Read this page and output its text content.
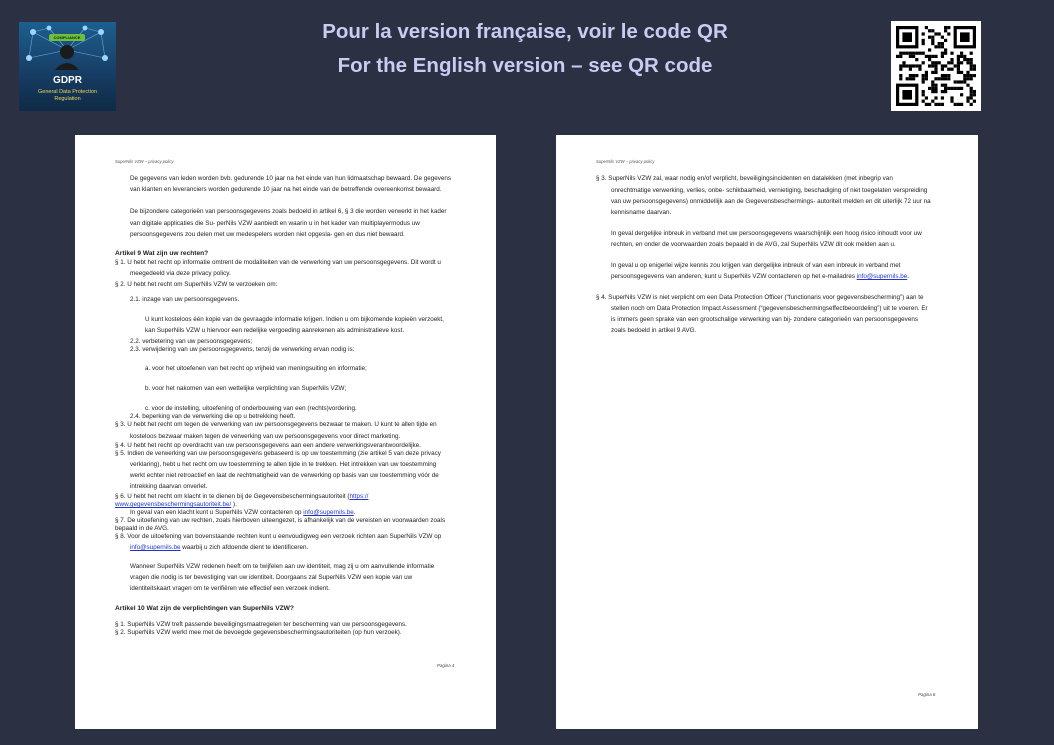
COMPLIANCE
GDPR
General Data Protection
Regulation
Pour la version française, voir le code QR
For the English version – see QR code
SuperNils VZW – privacy policy
De gegevens van leden worden bvb. gedurende 10 jaar na het einde van hun lidmaatschap bewaard. De gegevens
van klanten en leveranciers worden gedurende 10 jaar na het einde van de betreffende overeenkomst bewaard.
De bijzondere categorieën van persoonsgegevens zoals bedoeld in artikel 6, § 3 die worden verwerkt in het kader
van digitale applicaties die Su- perNils VZW aanbiedt en waarin u in het kader van multiplayermodus uw
persoonsgegevens zou delen met uw medespelers worden niet opgesla- gen en dus niet bewaard.
Artikel 9 Wat zijn uw rechten?
§ 1. U hebt het recht op informatie omtrent de modaliteiten van de verwerking van uw persoonsgegevens. Dit wordt u
meegedeeld via deze privacy policy.
§ 2. U hebt het recht om SuperNils VZW te verzoeken om:
2.1. inzage van uw persoonsgegevens.
U kunt kosteloos één kopie van de gevraagde informatie krijgen. Indien u om bijkomende kopieën verzoekt,
kan SuperNils VZW u hiervoor een redelijke vergoeding aanrekenen als administratieve kost.
2.2. verbetering van uw persoonsgegevens;
2.3. verwijdering van uw persoonsgegevens, tenzij de verwerking ervan nodig is:
a. voor het uitoefenen van het recht op vrijheid van meningsuiting en informatie;
b. voor het nakomen van een wettelijke verplichting van SuperNils VZW;
c. voor de instelling, uitoefening of onderbouwing van een (rechts)vordering.
2.4. beperking van de verwerking die op u betrekking heeft.
§ 3. U hebt het recht om tegen de verwerking van uw persoonsgegevens bezwaar te maken. U kunt te allen tijde en
kosteloos bezwaar maken tegen de verwerking van uw persoonsgegevens voor direct marketing.
§ 4. U hebt het recht op overdracht van uw persoonsgegevens aan een andere verwerkingsverantwoordelijke.
§ 5. Indien de verwerking van uw persoonsgegevens gebaseerd is op uw toestemming (zie artikel 5 van deze privacy
verklaring), hebt u het recht om uw toestemming te allen tijde in te trekken. Het intrekken van uw toestemming
werkt echter niet retroactief en laat de rechtmatigheid van de verwerking op basis van uw toestemming vóór de
intrekking daarvan onverlet.
§ 6. U hebt het recht om klacht in te dienen bij de Gegevensbeschermingsautoriteit (https://
www.gegevensbeschermingsautoriteit.be/ ).
In geval van een klacht kunt u SuperNils VZW contacteren op info@supernils.be.
§ 7. De uitoefening van uw rechten, zoals hierboven uiteengezet, is afhankelijk van de vereisten en voorwaarden zoals
bepaald in de AVG.
§ 8. Voor de uitoefening van bovenstaande rechten kunt u eenvoudigweg een verzoek richten aan SuperNils VZW op
info@supernils.be waarbij u zich afdoende dient te identificeren.
Wanneer SuperNils VZW redenen heeft om te twijfelen aan uw identiteit, mag zij u om aanvullende informatie
vragen die nodig is ter bevestiging van uw identiteit. Doorgaans zal SuperNils VZW een kopie van uw
identiteitskaart vragen om te verifiëren wie effectief een verzoek indient.
Artikel 10 Wat zijn de verplichtingen van SuperNils VZW?
§ 1. SuperNils VZW treft passende beveiligingsmaatregelen ter bescherming van uw persoonsgegevens.
§ 2. SuperNils VZW werkt mee met de bevoegde gegevensbeschermingsautoriteiten (op hun verzoek).
Pagina 4
SuperNils VZW – privacy policy
§ 3. SuperNils VZW zal, waar nodig en/of verplicht, beveiligingsincidenten en datalekken (met inbegrip van
onrechtmatige verwerking, verlies, onbe- schikbaarheid, vernietiging, beschadiging of niet toegelaten verspreiding
van uw persoonsgegevens) onmiddellijk aan de Gegevensbeschermings- autoriteit melden en dit uiterlijk 72 uur na
kennisname daarvan.
In geval dergelijke inbreuk in verband met uw persoonsgegevens waarschijnlijk een hoog risico inhoudt voor uw
rechten, en onder de voorwaarden zoals bepaald in de AVG, zal SuperNils VZW dit ook melden aan u.
In geval u op enigerlei wijze kennis zou krijgen van dergelijke inbreuk of van een inbreuk in verband met
persoonsgegevens van anderen, kunt u SuperNils VZW contacteren op het e-mailadres info@supernils.be.
§ 4. SuperNils VZW is niet verplicht om een Data Protection Officer (“functionaris voor gegevensbescherming”) aan te
stellen noch om Data Protection Impact Assessment (“gegevensbeschermingseffectbeoordeling”) uit te voeren. Er
is immers geen sprake van een grootschalige verwerking van bij- zondere categorieën van persoonsgegevens
zoals bedoeld in artikel 9 AVG.
Pagina 6
